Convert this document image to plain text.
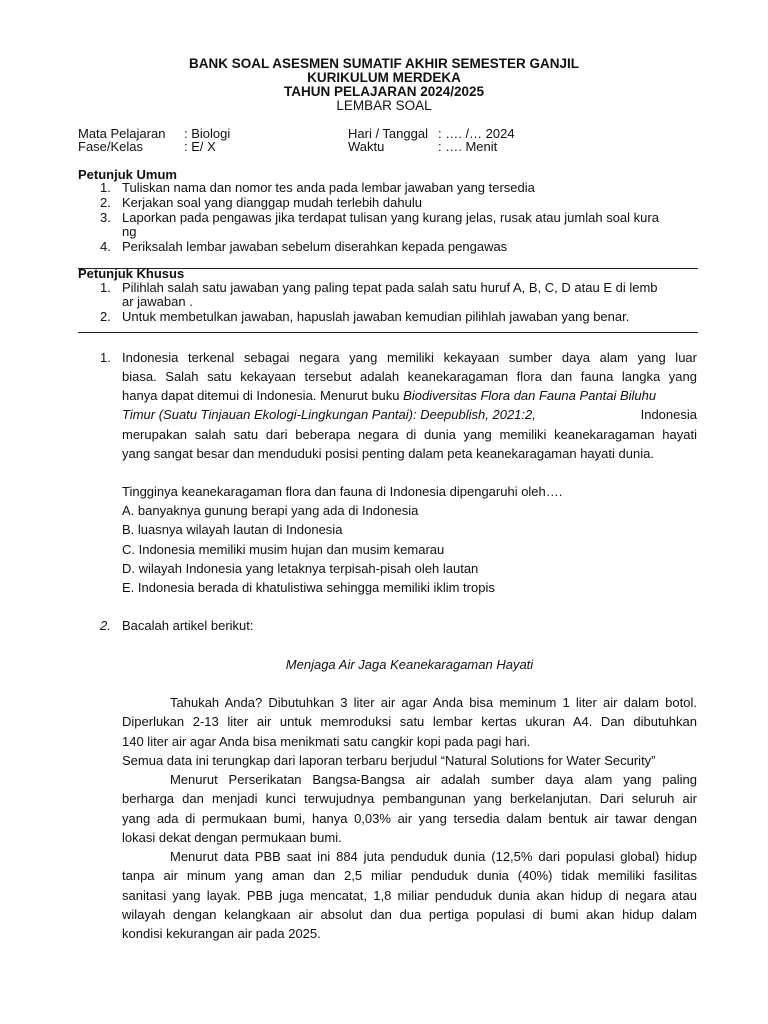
BANK SOAL ASESMEN SUMATIF AKHIR SEMESTER GANJIL
KURIKULUM MERDEKA
TAHUN PELAJARAN 2024/2025
LEMBAR SOAL
Mata Pelajaran : Biologi	Hari / Tanggal : …. /… 2024
Fase/Kelas	: E/ X	Waktu	: …. Menit
Petunjuk Umum
1. Tuliskan nama dan nomor tes anda pada lembar jawaban yang tersedia
2. Kerjakan soal yang dianggap mudah terlebih dahulu
3. Laporkan pada pengawas jika terdapat tulisan yang kurang jelas, rusak atau jumlah soal kura
ng
4. Periksalah lembar jawaban sebelum diserahkan kepada pengawas
Petunjuk Khusus
1. Pilihlah salah satu jawaban yang paling tepat pada salah satu huruf A, B, C, D atau E di lemb
ar jawaban .
2. Untuk membetulkan jawaban, hapuslah jawaban kemudian pilihlah jawaban yang benar.
1. Indonesia terkenal sebagai negara yang memiliki kekayaan sumber daya alam yang luar
biasa. Salah satu kekayaan tersebut adalah keanekaragaman flora dan fauna langka yang
hanya dapat ditemui di Indonesia. Menurut buku Biodiversitas Flora dan Fauna Pantai Biluhu
Timur (Suatu Tinjauan Ekologi-Lingkungan Pantai): Deepublish, 2021:2,	Indonesia
merupakan salah satu dari beberapa negara di dunia yang memiliki keanekaragaman hayati
yang sangat besar dan menduduki posisi penting dalam peta keanekaragaman hayati dunia.
Tingginya keanekaragaman flora dan fauna di Indonesia dipengaruhi oleh….
A. banyaknya gunung berapi yang ada di Indonesia
B. luasnya wilayah lautan di Indonesia
C. Indonesia memiliki musim hujan dan musim kemarau
D. wilayah Indonesia yang letaknya terpisah-pisah oleh lautan
E. Indonesia berada di khatulistiwa sehingga memiliki iklim tropis
2. Bacalah artikel berikut:
Menjaga Air Jaga Keanekaragaman Hayati
Tahukah Anda? Dibutuhkan 3 liter air agar Anda bisa meminum 1 liter air dalam botol.
Diperlukan 2-13 liter air untuk memroduksi satu lembar kertas ukuran A4. Dan dibutuhkan
140 liter air agar Anda bisa menikmati satu cangkir kopi pada pagi hari.
Semua data ini terungkap dari laporan terbaru berjudul “Natural Solutions for Water Security”
Menurut Perserikatan Bangsa-Bangsa air adalah sumber daya alam yang paling
berharga dan menjadi kunci terwujudnya pembangunan yang berkelanjutan. Dari seluruh air
yang ada di permukaan bumi, hanya 0,03% air yang tersedia dalam bentuk air tawar dengan
lokasi dekat dengan permukaan bumi.
Menurut data PBB saat ini 884 juta penduduk dunia (12,5% dari populasi global) hidup
tanpa air minum yang aman dan 2,5 miliar penduduk dunia (40%) tidak memiliki fasilitas
sanitasi yang layak. PBB juga mencatat, 1,8 miliar penduduk dunia akan hidup di negara atau
wilayah dengan kelangkaan air absolut dan dua pertiga populasi di bumi akan hidup dalam
kondisi kekurangan air pada 2025.
